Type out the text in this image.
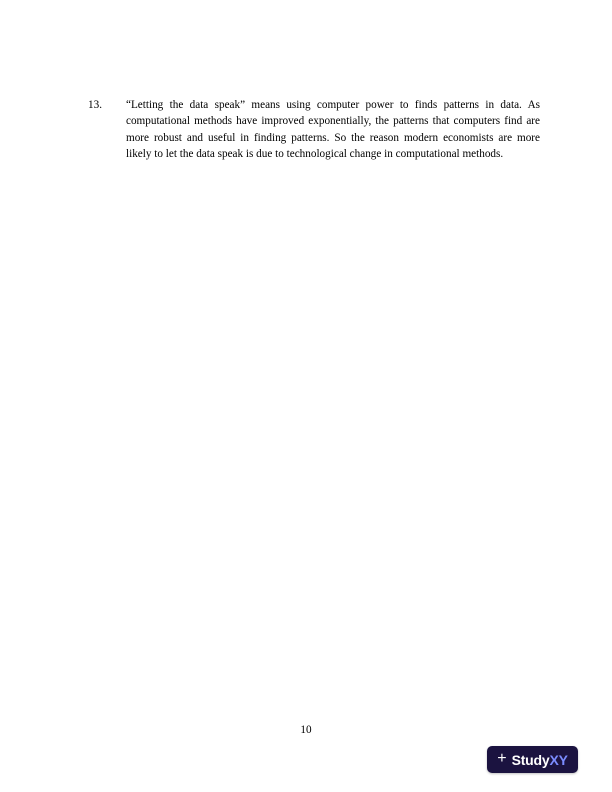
13.	“Letting the data speak” means using computer power to finds patterns in data. As computational methods have improved exponentially, the patterns that computers find are more robust and useful in finding patterns. So the reason modern economists are more likely to let the data speak is due to technological change in computational methods.
10
+ StudyXY
